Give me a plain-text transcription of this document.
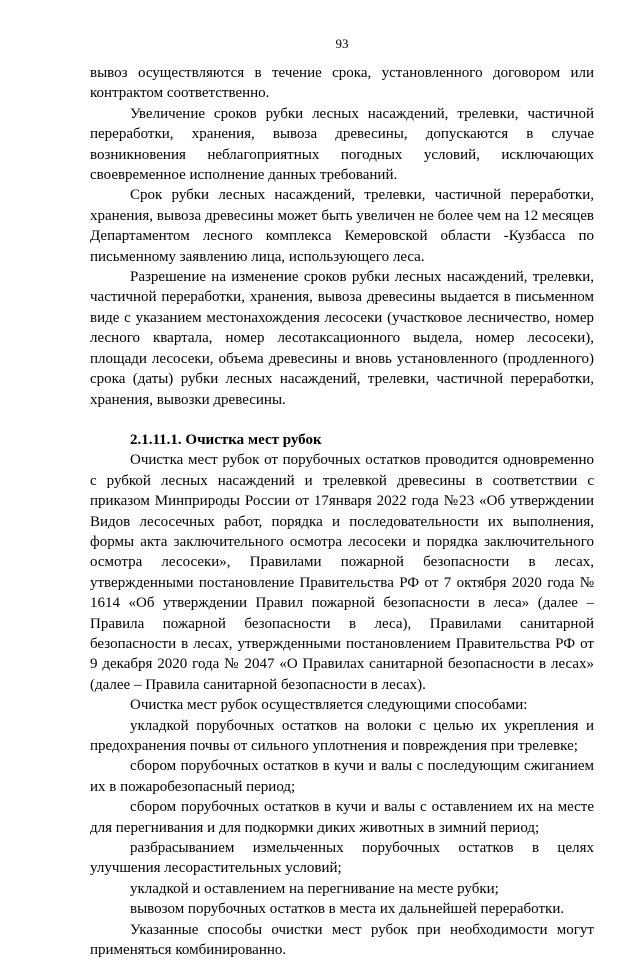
93

вывоз осуществляются в течение срока, установленного договором или контрактом соответственно.

Увеличение сроков рубки лесных насаждений, трелевки, частичной переработки, хранения, вывоза древесины, допускаются в случае возникновения неблагоприятных погодных условий, исключающих своевременное исполнение данных требований.

Срок рубки лесных насаждений, трелевки, частичной переработки, хранения, вывоза древесины может быть увеличен не более чем на 12 месяцев Департаментом лесного комплекса Кемеровской области -Кузбасса по письменному заявлению лица, использующего леса.

Разрешение на изменение сроков рубки лесных насаждений, трелевки, частичной переработки, хранения, вывоза древесины выдается в письменном виде с указанием местонахождения лесосеки (участковое лесничество, номер лесного квартала, номер лесотаксационного выдела, номер лесосеки), площади лесосеки, объема древесины и вновь установленного (продленного) срока (даты) рубки лесных насаждений, трелевки, частичной переработки, хранения, вывозки древесины.

2.1.11.1. Очистка мест рубок

Очистка мест рубок от порубочных остатков проводится одновременно с рубкой лесных насаждений и трелевкой древесины в соответствии с приказом Минприроды России от 17января 2022 года №23 «Об утверждении Видов лесосечных работ, порядка и последовательности их выполнения, формы акта заключительного осмотра лесосеки и порядка заключительного осмотра лесосеки», Правилами пожарной безопасности в лесах, утвержденными постановление Правительства РФ от 7 октября 2020 года № 1614 «Об утверждении Правил пожарной безопасности в леса» (далее – Правила пожарной безопасности в леса), Правилами санитарной безопасности в лесах, утвержденными постановлением Правительства РФ от 9 декабря 2020 года № 2047 «О Правилах санитарной безопасности в лесах» (далее – Правила санитарной безопасности в лесах).

Очистка мест рубок осуществляется следующими способами:

укладкой порубочных остатков на волоки с целью их укрепления и предохранения почвы от сильного уплотнения и повреждения при трелевке;

сбором порубочных остатков в кучи и валы с последующим сжиганием их в пожаробезопасный период;

сбором порубочных остатков в кучи и валы с оставлением их на месте для перегнивания и для подкормки диких животных в зимний период;

разбрасыванием измельченных порубочных остатков в целях улучшения лесорастительных условий;

укладкой и оставлением на перегнивание на месте рубки;

вывозом порубочных остатков в места их дальнейшей переработки.

Указанные способы очистки мест рубок при необходимости могут применяться комбинированно.
